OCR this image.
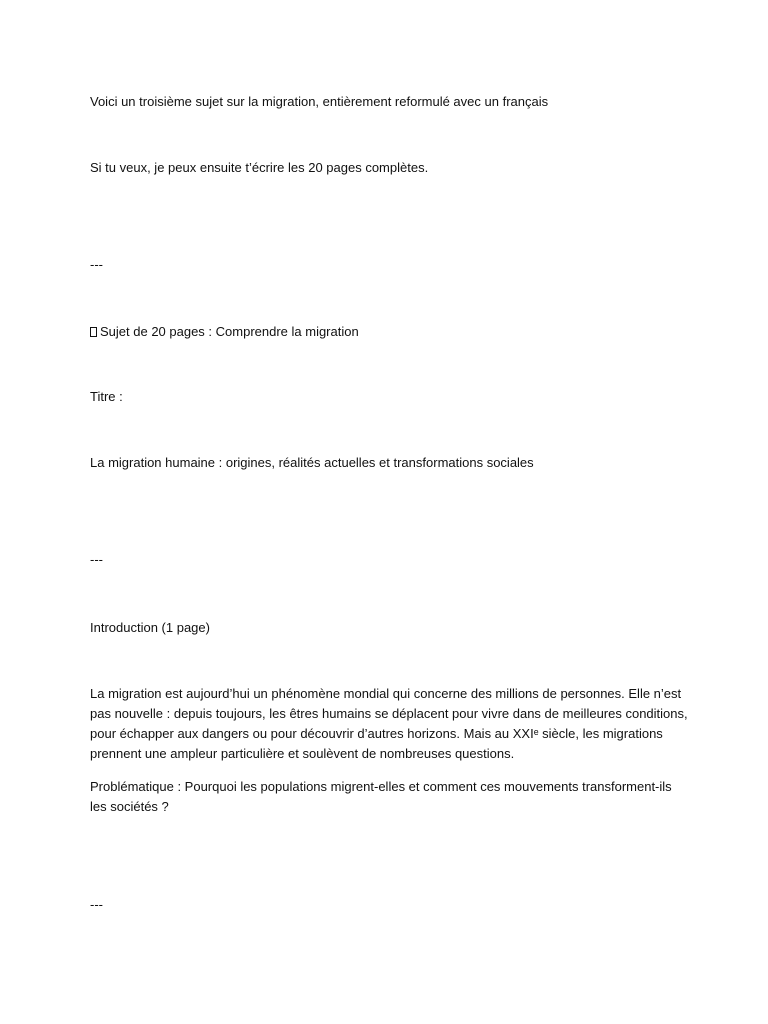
Voici un troisième sujet sur la migration, entièrement reformulé avec un français

Si tu veux, je peux ensuite t’écrire les 20 pages complètes.

---

Sujet de 20 pages : Comprendre la migration

Titre :

La migration humaine : origines, réalités actuelles et transformations sociales

---

Introduction (1 page)

La migration est aujourd’hui un phénomène mondial qui concerne des millions de personnes. Elle n’est
pas nouvelle : depuis toujours, les êtres humains se déplacent pour vivre dans de meilleures conditions,
pour échapper aux dangers ou pour découvrir d’autres horizons. Mais au XXIᵉ siècle, les migrations
prennent une ampleur particulière et soulèvent de nombreuses questions.
Problématique : Pourquoi les populations migrent-elles et comment ces mouvements transforment-ils
les sociétés ?

---
